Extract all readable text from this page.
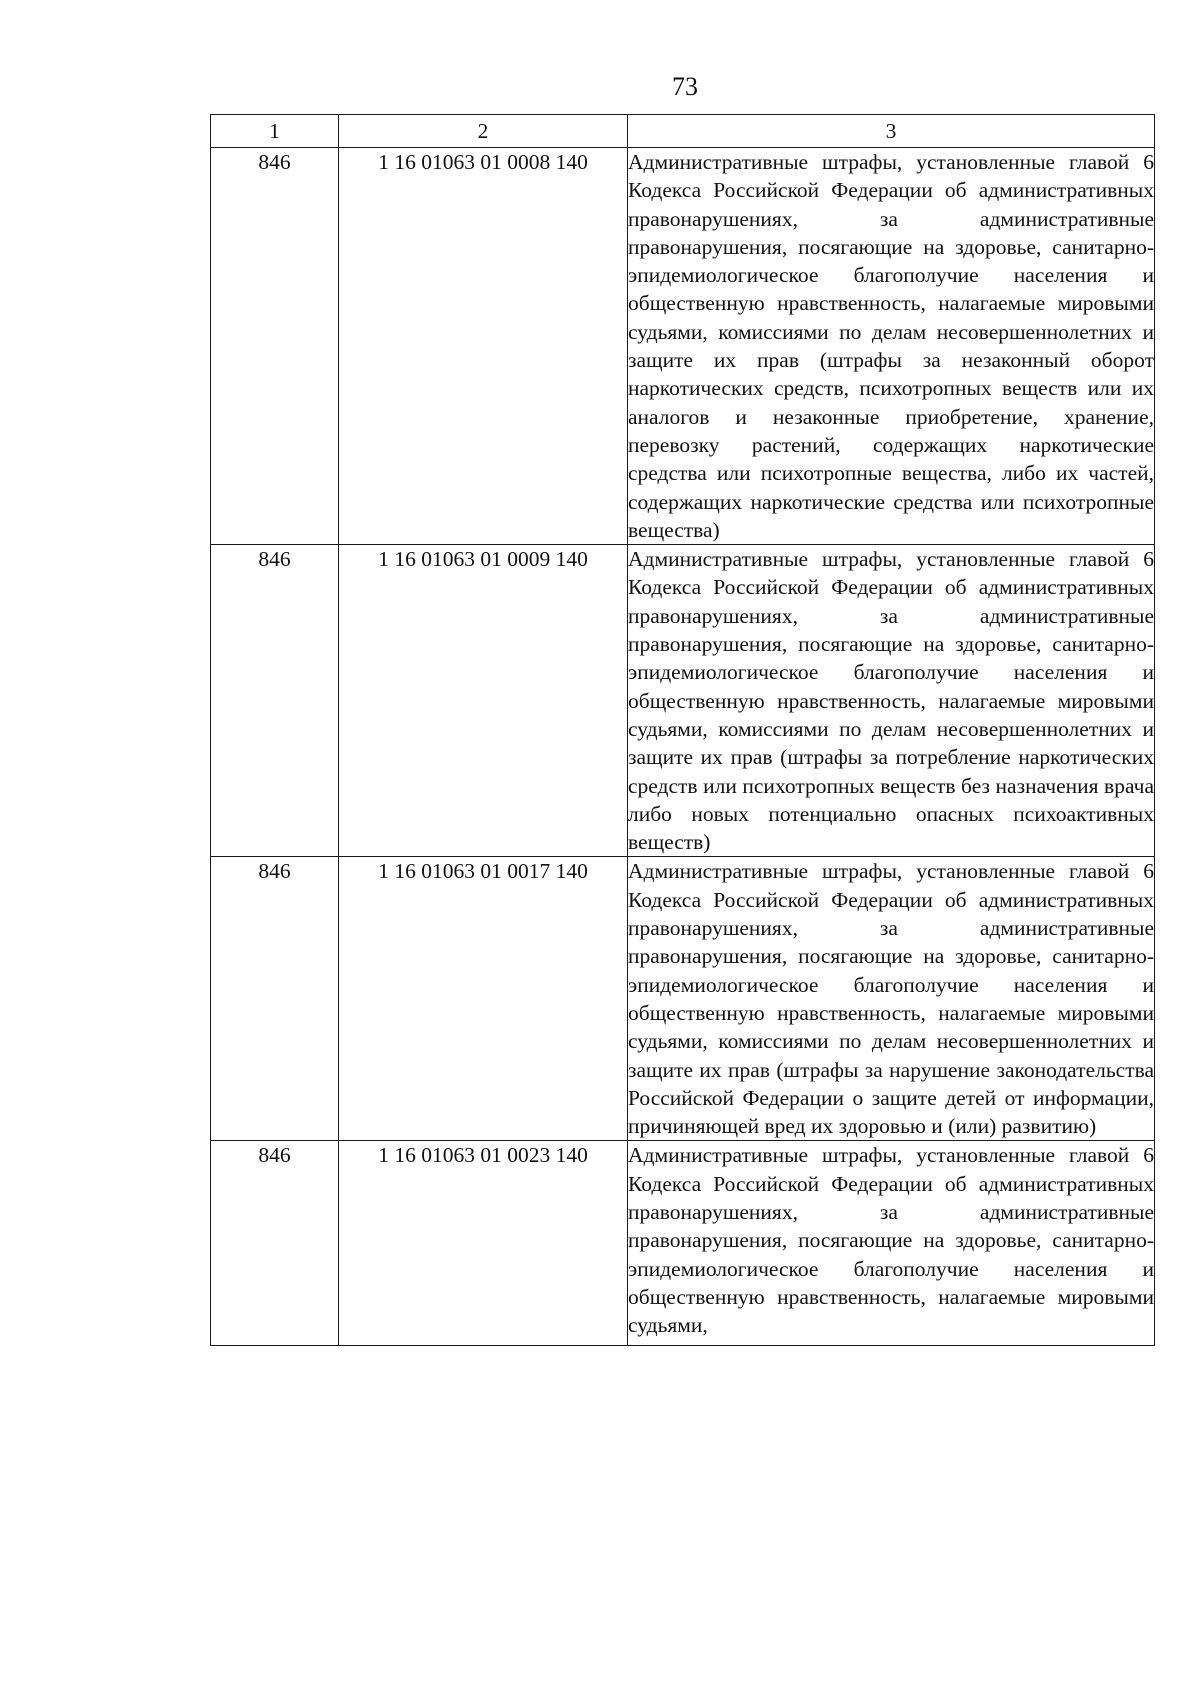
73
1	2	3
846	1 16 01063 01 0008 140	Административные штрафы, установленные главой 6 Кодекса Российской Федерации об административных правонарушениях, за административные правонарушения, посягающие на здоровье, санитарно-эпидемиологическое благополучие населения и общественную нравственность, налагаемые мировыми судьями, комиссиями по делам несовершеннолетних и защите их прав (штрафы за незаконный оборот наркотических средств, психотропных веществ или их аналогов и незаконные приобретение, хранение, перевозку растений, содержащих наркотические средства или психотропные вещества, либо их частей, содержащих наркотические средства или психотропные вещества)
846	1 16 01063 01 0009 140	Административные штрафы, установленные главой 6 Кодекса Российской Федерации об административных правонарушениях, за административные правонарушения, посягающие на здоровье, санитарно-эпидемиологическое благополучие населения и общественную нравственность, налагаемые мировыми судьями, комиссиями по делам несовершеннолетних и защите их прав (штрафы за потребление наркотических средств или психотропных веществ без назначения врача либо новых потенциально опасных психоактивных веществ)
846	1 16 01063 01 0017 140	Административные штрафы, установленные главой 6 Кодекса Российской Федерации об административных правонарушениях, за административные правонарушения, посягающие на здоровье, санитарно-эпидемиологическое благополучие населения и общественную нравственность, налагаемые мировыми судьями, комиссиями по делам несовершеннолетних и защите их прав (штрафы за нарушение законодательства Российской Федерации о защите детей от информации, причиняющей вред их здоровью и (или) развитию)
846	1 16 01063 01 0023 140	Административные штрафы, установленные главой 6 Кодекса Российской Федерации об административных правонарушениях, за административные правонарушения, посягающие на здоровье, санитарно-эпидемиологическое благополучие населения и общественную нравственность, налагаемые мировыми судьями,
